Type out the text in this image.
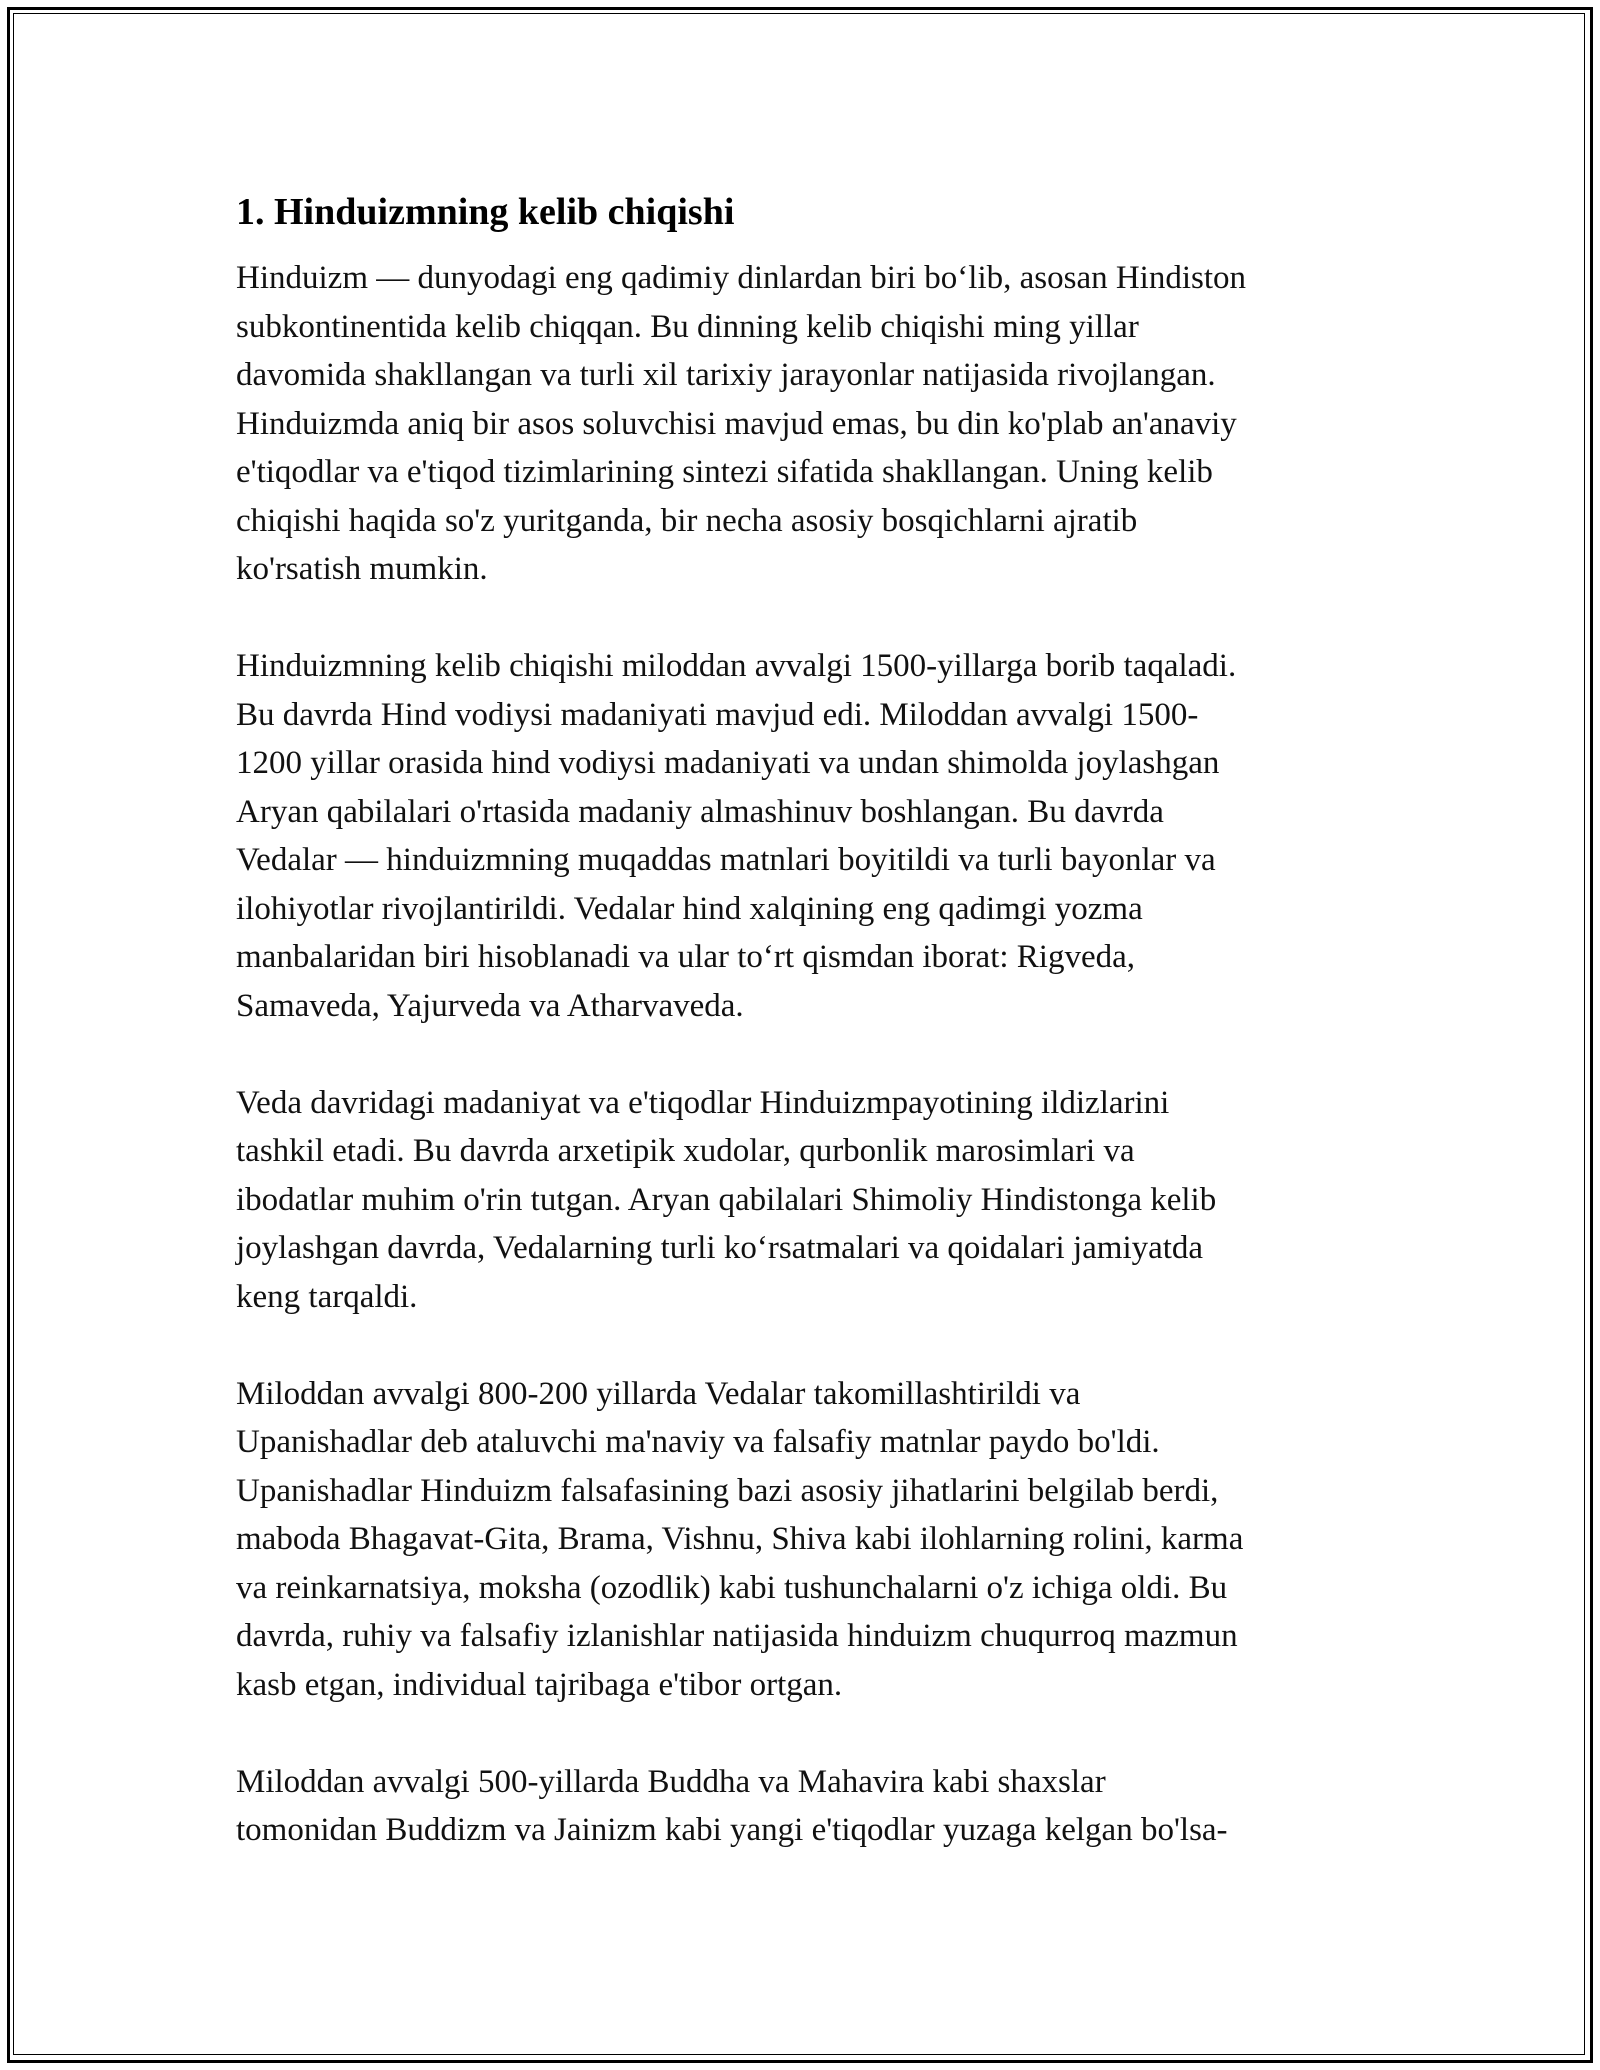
1. Hinduizmning kelib chiqishi

Hinduizm — dunyodagi eng qadimiy dinlardan biri bo‘lib, asosan Hindiston
subkontinentida kelib chiqqan. Bu dinning kelib chiqishi ming yillar
davomida shakllangan va turli xil tarixiy jarayonlar natijasida rivojlangan.
Hinduizmda aniq bir asos soluvchisi mavjud emas, bu din ko'plab an'anaviy
e'tiqodlar va e'tiqod tizimlarining sintezi sifatida shakllangan. Uning kelib
chiqishi haqida so'z yuritganda, bir necha asosiy bosqichlarni ajratib
ko'rsatish mumkin.

Hinduizmning kelib chiqishi miloddan avvalgi 1500-yillarga borib taqaladi.
Bu davrda Hind vodiysi madaniyati mavjud edi. Miloddan avvalgi 1500-
1200 yillar orasida hind vodiysi madaniyati va undan shimolda joylashgan
Aryan qabilalari o'rtasida madaniy almashinuv boshlangan. Bu davrda
Vedalar — hinduizmning muqaddas matnlari boyitildi va turli bayonlar va
ilohiyotlar rivojlantirildi. Vedalar hind xalqining eng qadimgi yozma
manbalaridan biri hisoblanadi va ular to‘rt qismdan iborat: Rigveda,
Samaveda, Yajurveda va Atharvaveda.

Veda davridagi madaniyat va e'tiqodlar Hinduizmpayotining ildizlarini
tashkil etadi. Bu davrda arxetipik xudolar, qurbonlik marosimlari va
ibodatlar muhim o'rin tutgan. Aryan qabilalari Shimoliy Hindistonga kelib
joylashgan davrda, Vedalarning turli ko‘rsatmalari va qoidalari jamiyatda
keng tarqaldi.

Miloddan avvalgi 800-200 yillarda Vedalar takomillashtirildi va
Upanishadlar deb ataluvchi ma'naviy va falsafiy matnlar paydo bo'ldi.
Upanishadlar Hinduizm falsafasining bazi asosiy jihatlarini belgilab berdi,
maboda Bhagavat-Gita, Brama, Vishnu, Shiva kabi ilohlarning rolini, karma
va reinkarnatsiya, moksha (ozodlik) kabi tushunchalarni o'z ichiga oldi. Bu
davrda, ruhiy va falsafiy izlanishlar natijasida hinduizm chuqurroq mazmun
kasb etgan, individual tajribaga e'tibor ortgan.

Miloddan avvalgi 500-yillarda Buddha va Mahavira kabi shaxslar
tomonidan Buddizm va Jainizm kabi yangi e'tiqodlar yuzaga kelgan bo'lsa-
